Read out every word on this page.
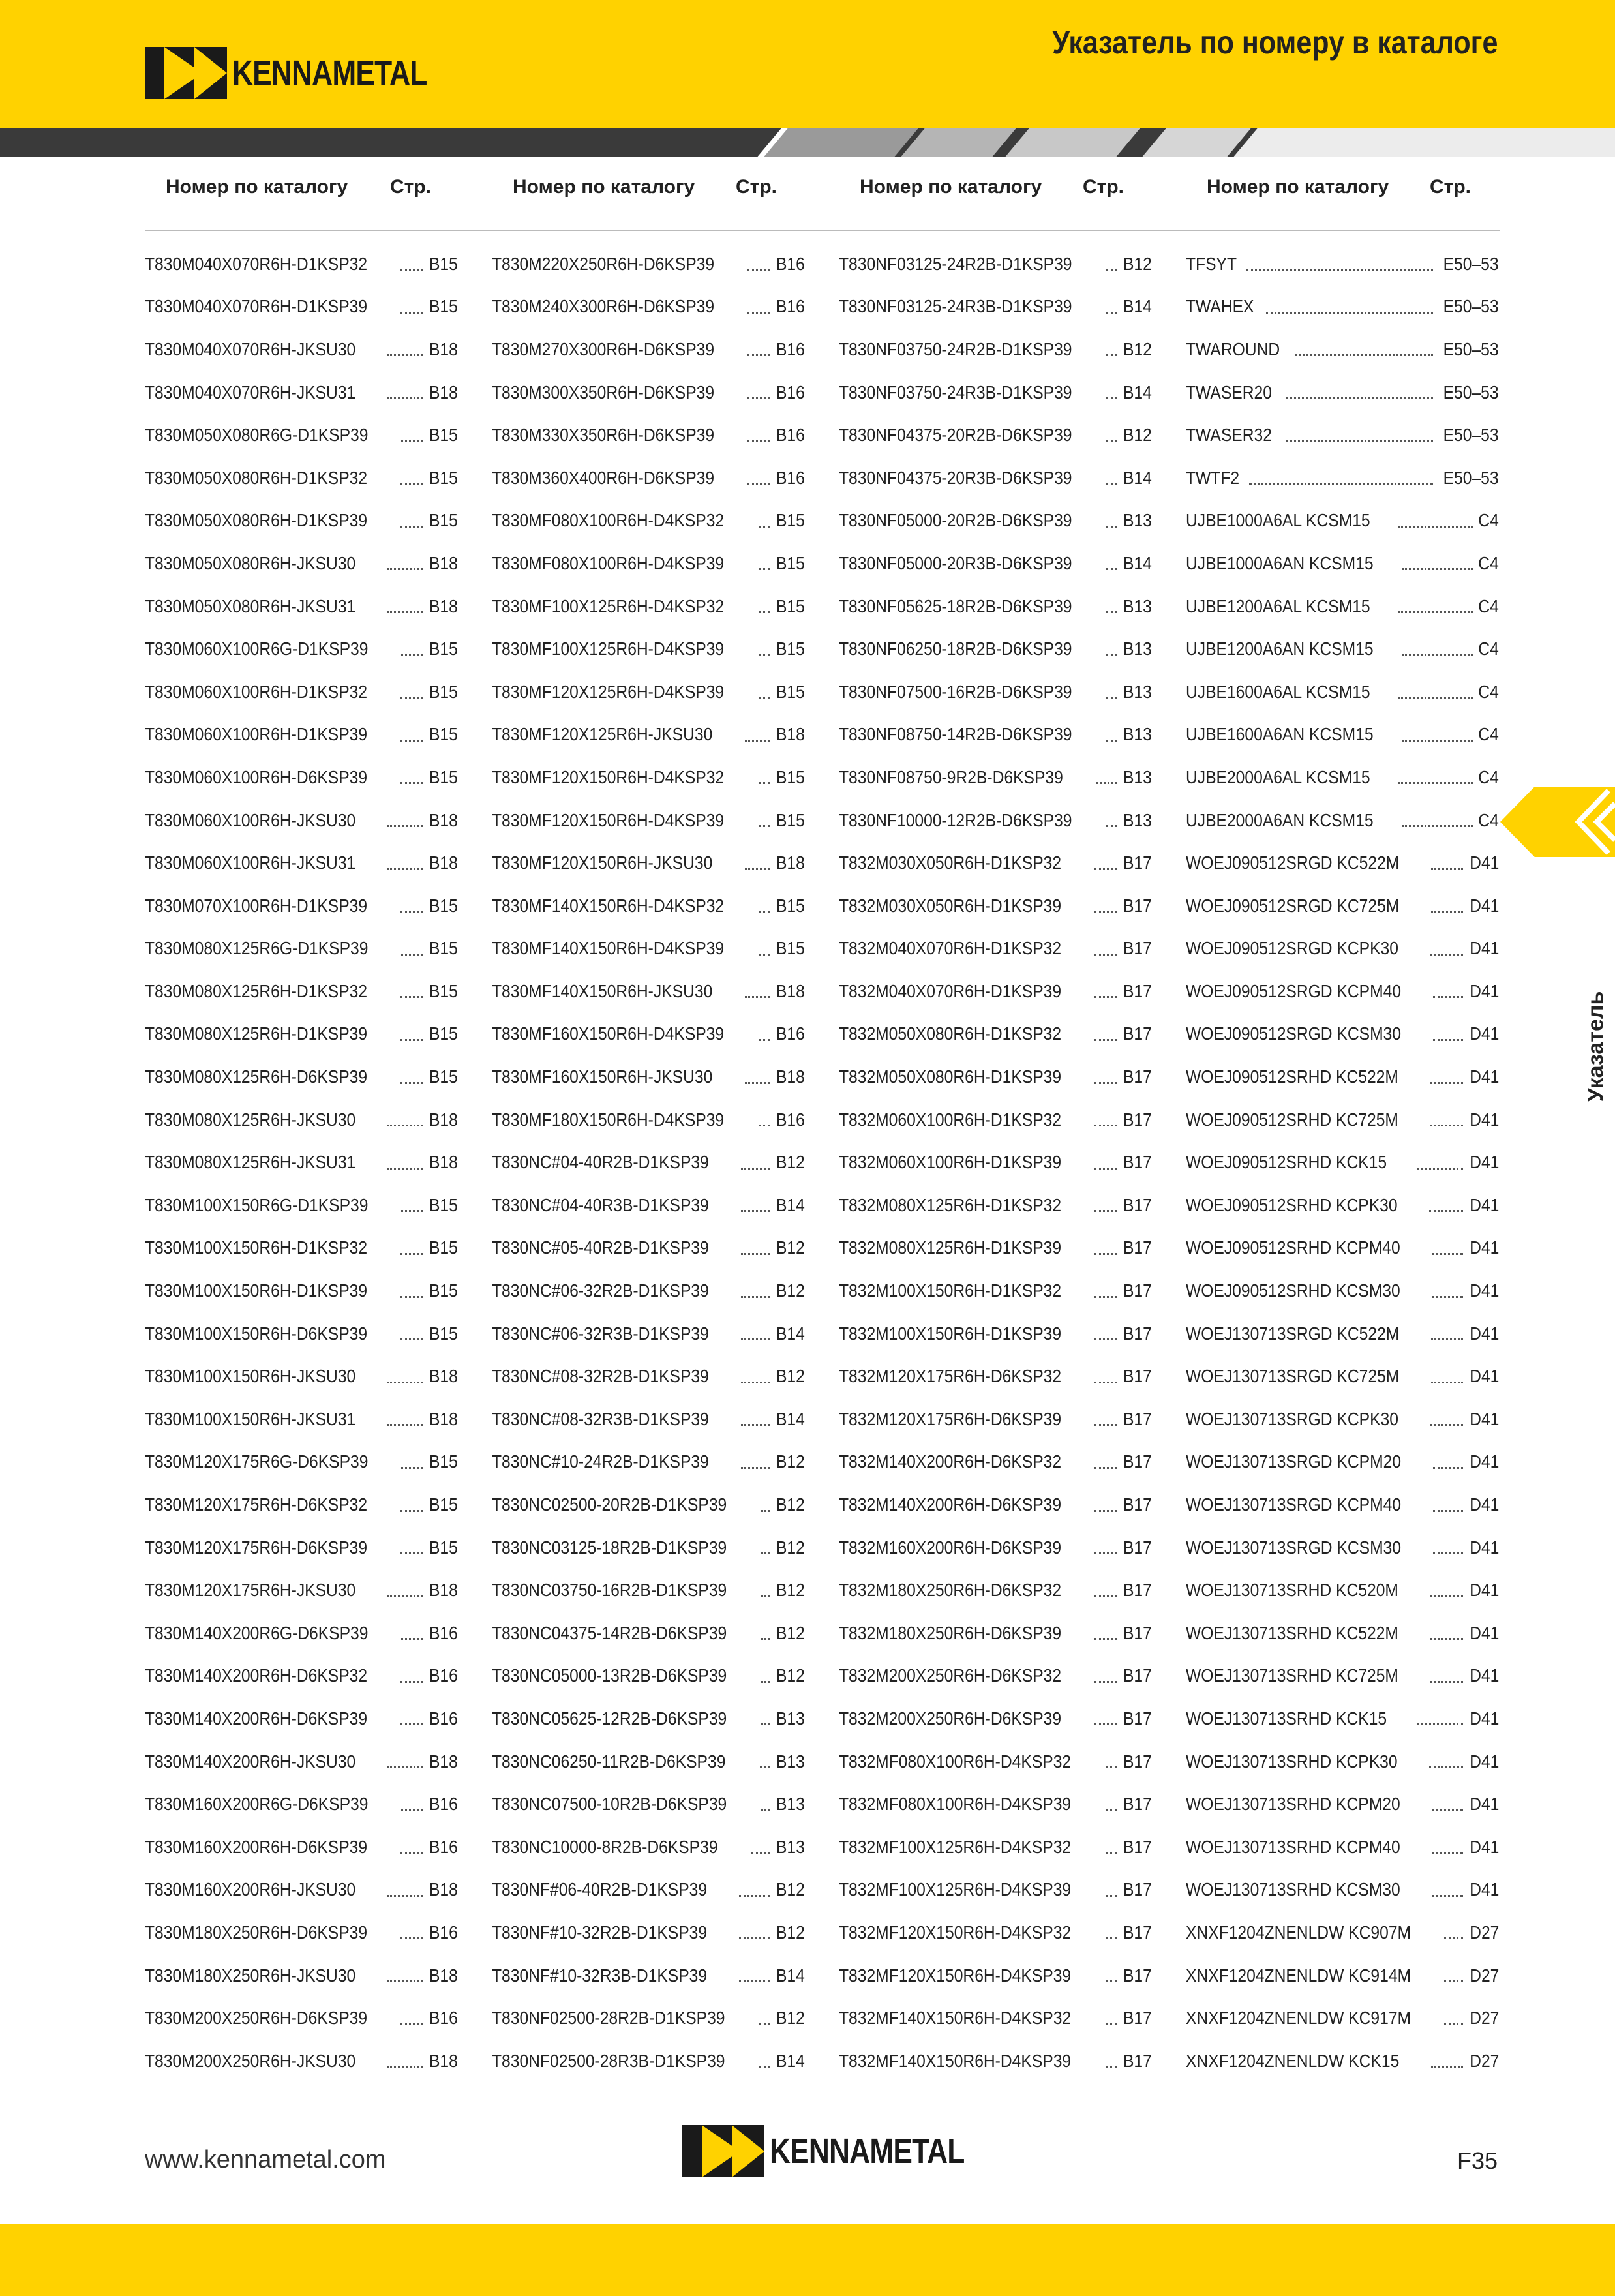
KENNAMETAL
Указатель по номеру в каталоге
Номер по каталогу Стр.	Номер по каталогу Стр.	Номер по каталогу Стр.	Номер по каталогу Стр.
T830M040X070R6H-D1KSP32	B15
T830M040X070R6H-D1KSP39	B15
T830M040X070R6H-JKSU30	B18
T830M040X070R6H-JKSU31	B18
T830M050X080R6G-D1KSP39	B15
T830M050X080R6H-D1KSP32	B15
T830M050X080R6H-D1KSP39	B15
T830M050X080R6H-JKSU30	B18
T830M050X080R6H-JKSU31	B18
T830M060X100R6G-D1KSP39	B15
T830M060X100R6H-D1KSP32	B15
T830M060X100R6H-D1KSP39	B15
T830M060X100R6H-D6KSP39	B15
T830M060X100R6H-JKSU30	B18
T830M060X100R6H-JKSU31	B18
T830M070X100R6H-D1KSP39	B15
T830M080X125R6G-D1KSP39	B15
T830M080X125R6H-D1KSP32	B15
T830M080X125R6H-D1KSP39	B15
T830M080X125R6H-D6KSP39	B15
T830M080X125R6H-JKSU30	B18
T830M080X125R6H-JKSU31	B18
T830M100X150R6G-D1KSP39	B15
T830M100X150R6H-D1KSP32	B15
T830M100X150R6H-D1KSP39	B15
T830M100X150R6H-D6KSP39	B15
T830M100X150R6H-JKSU30	B18
T830M100X150R6H-JKSU31	B18
T830M120X175R6G-D6KSP39	B15
T830M120X175R6H-D6KSP32	B15
T830M120X175R6H-D6KSP39	B15
T830M120X175R6H-JKSU30	B18
T830M140X200R6G-D6KSP39	B16
T830M140X200R6H-D6KSP32	B16
T830M140X200R6H-D6KSP39	B16
T830M140X200R6H-JKSU30	B18
T830M160X200R6G-D6KSP39	B16
T830M160X200R6H-D6KSP39	B16
T830M160X200R6H-JKSU30	B18
T830M180X250R6H-D6KSP39	B16
T830M180X250R6H-JKSU30	B18
T830M200X250R6H-D6KSP39	B16
T830M200X250R6H-JKSU30	B18
T830M220X250R6H-D6KSP39	B16
T830M240X300R6H-D6KSP39	B16
T830M270X300R6H-D6KSP39	B16
T830M300X350R6H-D6KSP39	B16
T830M330X350R6H-D6KSP39	B16
T830M360X400R6H-D6KSP39	B16
T830MF080X100R6H-D4KSP32	B15
T830MF080X100R6H-D4KSP39	B15
T830MF100X125R6H-D4KSP32	B15
T830MF100X125R6H-D4KSP39	B15
T830MF120X125R6H-D4KSP39	B15
T830MF120X125R6H-JKSU30	B18
T830MF120X150R6H-D4KSP32	B15
T830MF120X150R6H-D4KSP39	B15
T830MF120X150R6H-JKSU30	B18
T830MF140X150R6H-D4KSP32	B15
T830MF140X150R6H-D4KSP39	B15
T830MF140X150R6H-JKSU30	B18
T830MF160X150R6H-D4KSP39	B16
T830MF160X150R6H-JKSU30	B18
T830MF180X150R6H-D4KSP39	B16
T830NC#04-40R2B-D1KSP39	B12
T830NC#04-40R3B-D1KSP39	B14
T830NC#05-40R2B-D1KSP39	B12
T830NC#06-32R2B-D1KSP39	B12
T830NC#06-32R3B-D1KSP39	B14
T830NC#08-32R2B-D1KSP39	B12
T830NC#08-32R3B-D1KSP39	B14
T830NC#10-24R2B-D1KSP39	B12
T830NC02500-20R2B-D1KSP39	B12
T830NC03125-18R2B-D1KSP39	B12
T830NC03750-16R2B-D1KSP39	B12
T830NC04375-14R2B-D6KSP39	B12
T830NC05000-13R2B-D6KSP39	B12
T830NC05625-12R2B-D6KSP39	B13
T830NC06250-11R2B-D6KSP39	B13
T830NC07500-10R2B-D6KSP39	B13
T830NC10000-8R2B-D6KSP39	B13
T830NF#06-40R2B-D1KSP39	B12
T830NF#10-32R2B-D1KSP39	B12
T830NF#10-32R3B-D1KSP39	B14
T830NF02500-28R2B-D1KSP39	B12
T830NF02500-28R3B-D1KSP39	B14
T830NF03125-24R2B-D1KSP39	B12
T830NF03125-24R3B-D1KSP39	B14
T830NF03750-24R2B-D1KSP39	B12
T830NF03750-24R3B-D1KSP39	B14
T830NF04375-20R2B-D6KSP39	B12
T830NF04375-20R3B-D6KSP39	B14
T830NF05000-20R2B-D6KSP39	B13
T830NF05000-20R3B-D6KSP39	B14
T830NF05625-18R2B-D6KSP39	B13
T830NF06250-18R2B-D6KSP39	B13
T830NF07500-16R2B-D6KSP39	B13
T830NF08750-14R2B-D6KSP39	B13
T830NF08750-9R2B-D6KSP39	B13
T830NF10000-12R2B-D6KSP39	B13
T832M030X050R6H-D1KSP32	B17
T832M030X050R6H-D1KSP39	B17
T832M040X070R6H-D1KSP32	B17
T832M040X070R6H-D1KSP39	B17
T832M050X080R6H-D1KSP32	B17
T832M050X080R6H-D1KSP39	B17
T832M060X100R6H-D1KSP32	B17
T832M060X100R6H-D1KSP39	B17
T832M080X125R6H-D1KSP32	B17
T832M080X125R6H-D1KSP39	B17
T832M100X150R6H-D1KSP32	B17
T832M100X150R6H-D1KSP39	B17
T832M120X175R6H-D6KSP32	B17
T832M120X175R6H-D6KSP39	B17
T832M140X200R6H-D6KSP32	B17
T832M140X200R6H-D6KSP39	B17
T832M160X200R6H-D6KSP39	B17
T832M180X250R6H-D6KSP32	B17
T832M180X250R6H-D6KSP39	B17
T832M200X250R6H-D6KSP32	B17
T832M200X250R6H-D6KSP39	B17
T832MF080X100R6H-D4KSP32	B17
T832MF080X100R6H-D4KSP39	B17
T832MF100X125R6H-D4KSP32	B17
T832MF100X125R6H-D4KSP39	B17
T832MF120X150R6H-D4KSP32	B17
T832MF120X150R6H-D4KSP39	B17
T832MF140X150R6H-D4KSP32	B17
T832MF140X150R6H-D4KSP39	B17
TFSYT	E50–53
TWAHEX	E50–53
TWAROUND	E50–53
TWASER20	E50–53
TWASER32	E50–53
TWTF2	E50–53
UJBE1000A6AL KCSM15	C4
UJBE1000A6AN KCSM15	C4
UJBE1200A6AL KCSM15	C4
UJBE1200A6AN KCSM15	C4
UJBE1600A6AL KCSM15	C4
UJBE1600A6AN KCSM15	C4
UJBE2000A6AL KCSM15	C4
UJBE2000A6AN KCSM15	C4
WOEJ090512SRGD KC522M	D41
WOEJ090512SRGD KC725M	D41
WOEJ090512SRGD KCPK30	D41
WOEJ090512SRGD KCPM40	D41
WOEJ090512SRGD KCSM30	D41
WOEJ090512SRHD KC522M	D41
WOEJ090512SRHD KC725M	D41
WOEJ090512SRHD KCK15	D41
WOEJ090512SRHD KCPK30	D41
WOEJ090512SRHD KCPM40	D41
WOEJ090512SRHD KCSM30	D41
WOEJ130713SRGD KC522M	D41
WOEJ130713SRGD KC725M	D41
WOEJ130713SRGD KCPK30	D41
WOEJ130713SRGD KCPM20	D41
WOEJ130713SRGD KCPM40	D41
WOEJ130713SRGD KCSM30	D41
WOEJ130713SRHD KC520M	D41
WOEJ130713SRHD KC522M	D41
WOEJ130713SRHD KC725M	D41
WOEJ130713SRHD KCK15	D41
WOEJ130713SRHD KCPK30	D41
WOEJ130713SRHD KCPM20	D41
WOEJ130713SRHD KCPM40	D41
WOEJ130713SRHD KCSM30	D41
XNXF1204ZNENLDW KC907M	D27
XNXF1204ZNENLDW KC914M	D27
XNXF1204ZNENLDW KC917M	D27
XNXF1204ZNENLDW KCK15	D27
Указатель
www.kennametal.com	KENNAMETAL	F35
